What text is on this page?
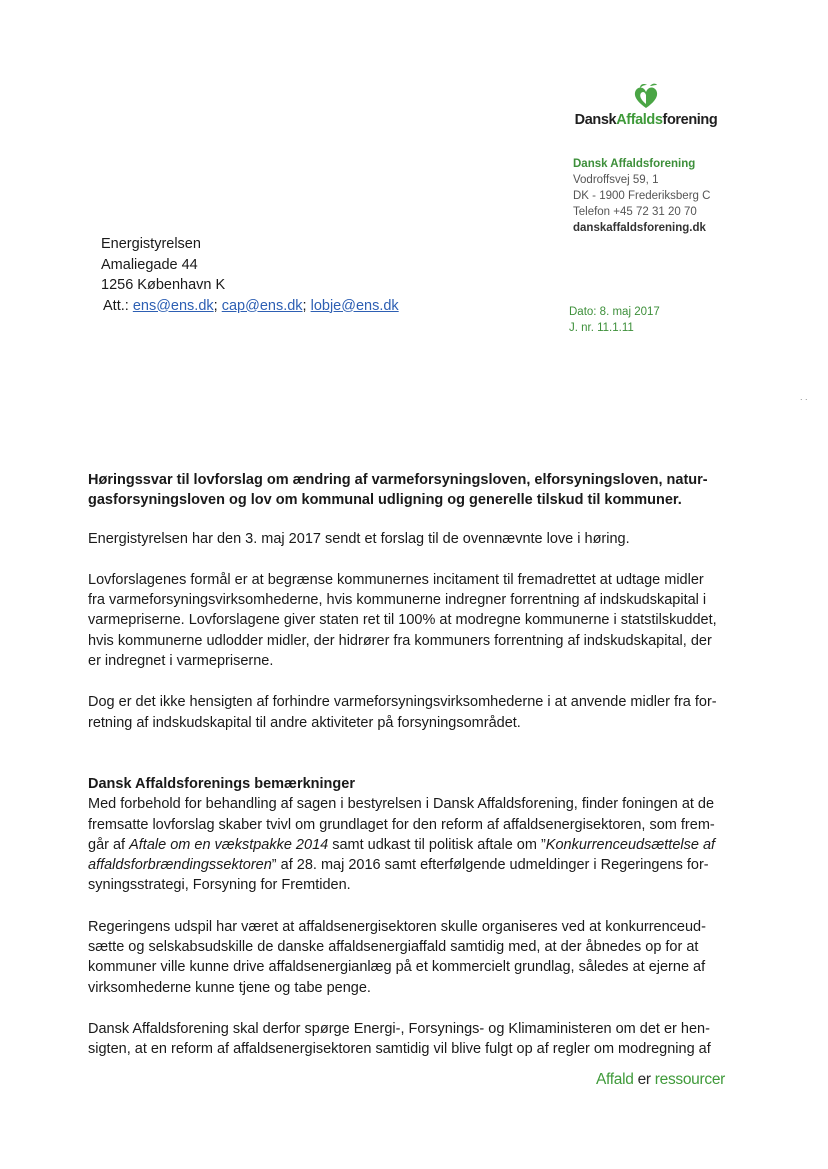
DanskAffaldsforening
Dansk Affaldsforening
Vodroffsvej 59, 1
DK - 1900 Frederiksberg C
Telefon +45 72 31 20 70
danskaffaldsforening.dk
Energistyrelsen
Amaliegade 44
1256 København K
Att.: ens@ens.dk; cap@ens.dk; lobje@ens.dk	Dato: 8. maj 2017
J. nr. 11.1.11
. .

Høringssvar til lovforslag om ændring af varmeforsyningsloven, elforsyningsloven, natur-
gasforsyningsloven og lov om kommunal udligning og generelle tilskud til kommuner.

Energistyrelsen har den 3. maj 2017 sendt et forslag til de ovennævnte love i høring.

Lovforslagenes formål er at begrænse kommunernes incitament til fremadrettet at udtage midler
fra varmeforsyningsvirksomhederne, hvis kommunerne indregner forrentning af indskudskapital i
varmepriserne. Lovforslagene giver staten ret til 100% at modregne kommunerne i statstilskuddet,
hvis kommunerne udlodder midler, der hidrører fra kommuners forrentning af indskudskapital, der
er indregnet i varmepriserne.

Dog er det ikke hensigten af forhindre varmeforsyningsvirksomhederne i at anvende midler fra for-
retning af indskudskapital til andre aktiviteter på forsyningsområdet.

Dansk Affaldsforenings bemærkninger

Med forbehold for behandling af sagen i bestyrelsen i Dansk Affaldsforening, finder foningen at de
fremsatte lovforslag skaber tvivl om grundlaget for den reform af affaldsenergisektoren, som frem-
går af Aftale om en vækstpakke 2014 samt udkast til politisk aftale om ”Konkurrenceudsættelse af
affaldsforbrændingssektoren” af 28. maj 2016 samt efterfølgende udmeldinger i Regeringens for-
syningsstrategi, Forsyning for Fremtiden.

Regeringens udspil har været at affaldsenergisektoren skulle organiseres ved at konkurrenceud-
sætte og selskabsudskille de danske affaldsenergiaffald samtidig med, at der åbnedes op for at
kommuner ville kunne drive affaldsenergianlæg på et kommercielt grundlag, således at ejerne af
virksomhederne kunne tjene og tabe penge.

Dansk Affaldsforening skal derfor spørge Energi-, Forsynings- og Klimaministeren om det er hen-
sigten, at en reform af affaldsenergisektoren samtidig vil blive fulgt op af regler om modregning af

Affald er ressourcer
